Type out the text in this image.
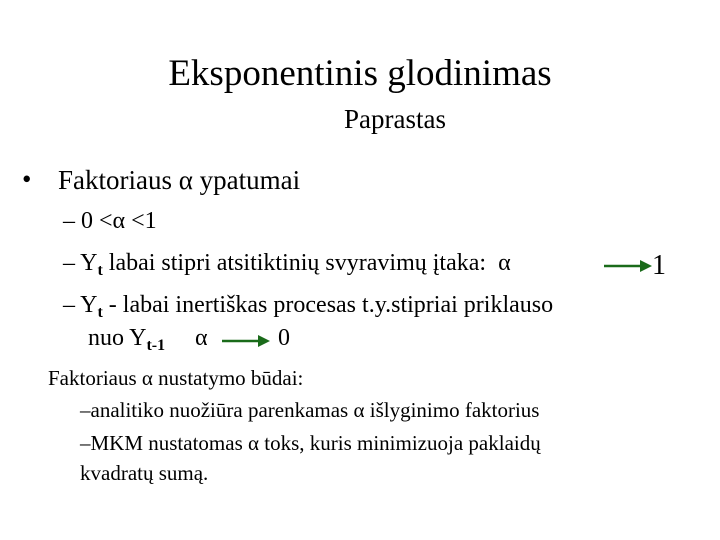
Eksponentinis glodinimas
Paprastas
• Faktoriaus α ypatumai
– 0 <α <1
– $Y_t$ labai stipri atsitiktinių svyravimų įtaka: α	1
– $Y_t$ - labai inertiškas procesas t.y.stipriai priklauso
nuo $Y_{t-1}$ α	0
Faktoriaus α nustatymo būdai:
–analitiko nuožiūra parenkamas α išlyginimo faktorius
–MKM nustatomas α toks, kuris minimizuoja paklaidų
kvadratų sumą.
